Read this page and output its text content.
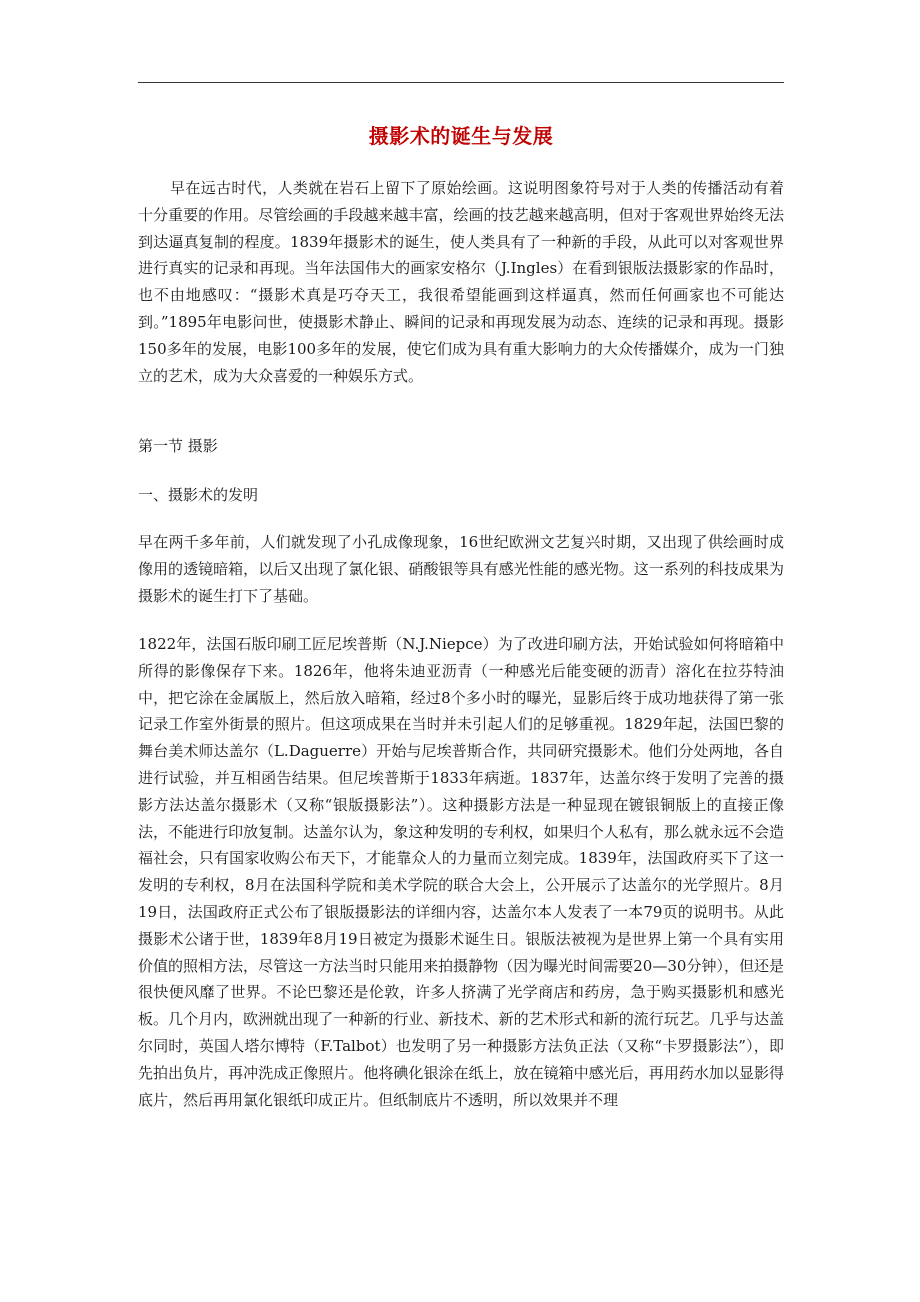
摄影术的诞生与发展

早在远古时代，人类就在岩石上留下了原始绘画。这说明图象符号对于人类的传播活动有着十分重要的作用。尽管绘画的手段越来越丰富，绘画的技艺越来越高明，但对于客观世界始终无法到达逼真复制的程度。1839年摄影术的诞生，使人类具有了一种新的手段，从此可以对客观世界进行真实的记录和再现。当年法国伟大的画家安格尔（J.Ingles）在看到银版法摄影家的作品时，也不由地感叹：“摄影术真是巧夺天工，我很希望能画到这样逼真，然而任何画家也不可能达到。”1895年电影问世，使摄影术静止、瞬间的记录和再现发展为动态、连续的记录和再现。摄影150多年的发展，电影100多年的发展，使它们成为具有重大影响力的大众传播媒介，成为一门独立的艺术，成为大众喜爱的一种娱乐方式。

第一节 摄影

一、摄影术的发明

早在两千多年前，人们就发现了小孔成像现象，16世纪欧洲文艺复兴时期，又出现了供绘画时成像用的透镜暗箱，以后又出现了氯化银、硝酸银等具有感光性能的感光物。这一系列的科技成果为摄影术的诞生打下了基础。

1822年，法国石版印刷工匠尼埃普斯（N.J.Niepce）为了改进印刷方法，开始试验如何将暗箱中所得的影像保存下来。1826年，他将朱迪亚沥青（一种感光后能变硬的沥青）溶化在拉芬特油中，把它涂在金属版上，然后放入暗箱，经过8个多小时的曝光，显影后终于成功地获得了第一张记录工作室外街景的照片。但这项成果在当时并未引起人们的足够重视。1829年起，法国巴黎的舞台美术师达盖尔（L.Daguerre）开始与尼埃普斯合作，共同研究摄影术。他们分处两地，各自进行试验，并互相函告结果。但尼埃普斯于1833年病逝。1837年，达盖尔终于发明了完善的摄影方法达盖尔摄影术（又称“银版摄影法”）。这种摄影方法是一种显现在镀银铜版上的直接正像法，不能进行印放复制。达盖尔认为，象这种发明的专利权，如果归个人私有，那么就永远不会造福社会，只有国家收购公布天下，才能靠众人的力量而立刻完成。1839年，法国政府买下了这一发明的专利权，8月在法国科学院和美术学院的联合大会上，公开展示了达盖尔的光学照片。8月19日，法国政府正式公布了银版摄影法的详细内容，达盖尔本人发表了一本79页的说明书。从此摄影术公诸于世，1839年8月19日被定为摄影术诞生日。银版法被视为是世界上第一个具有实用价值的照相方法，尽管这一方法当时只能用来拍摄静物（因为曝光时间需要20—30分钟），但还是很快便风靡了世界。不论巴黎还是伦敦，许多人挤满了光学商店和药房，急于购买摄影机和感光板。几个月内，欧洲就出现了一种新的行业、新技术、新的艺术形式和新的流行玩艺。几乎与达盖尔同时，英国人塔尔博特（F.Talbot）也发明了另一种摄影方法负正法（又称“卡罗摄影法”），即先拍出负片，再冲洗成正像照片。他将碘化银涂在纸上，放在镜箱中感光后，再用药水加以显影得底片，然后再用氯化银纸印成正片。但纸制底片不透明，所以效果并不理
